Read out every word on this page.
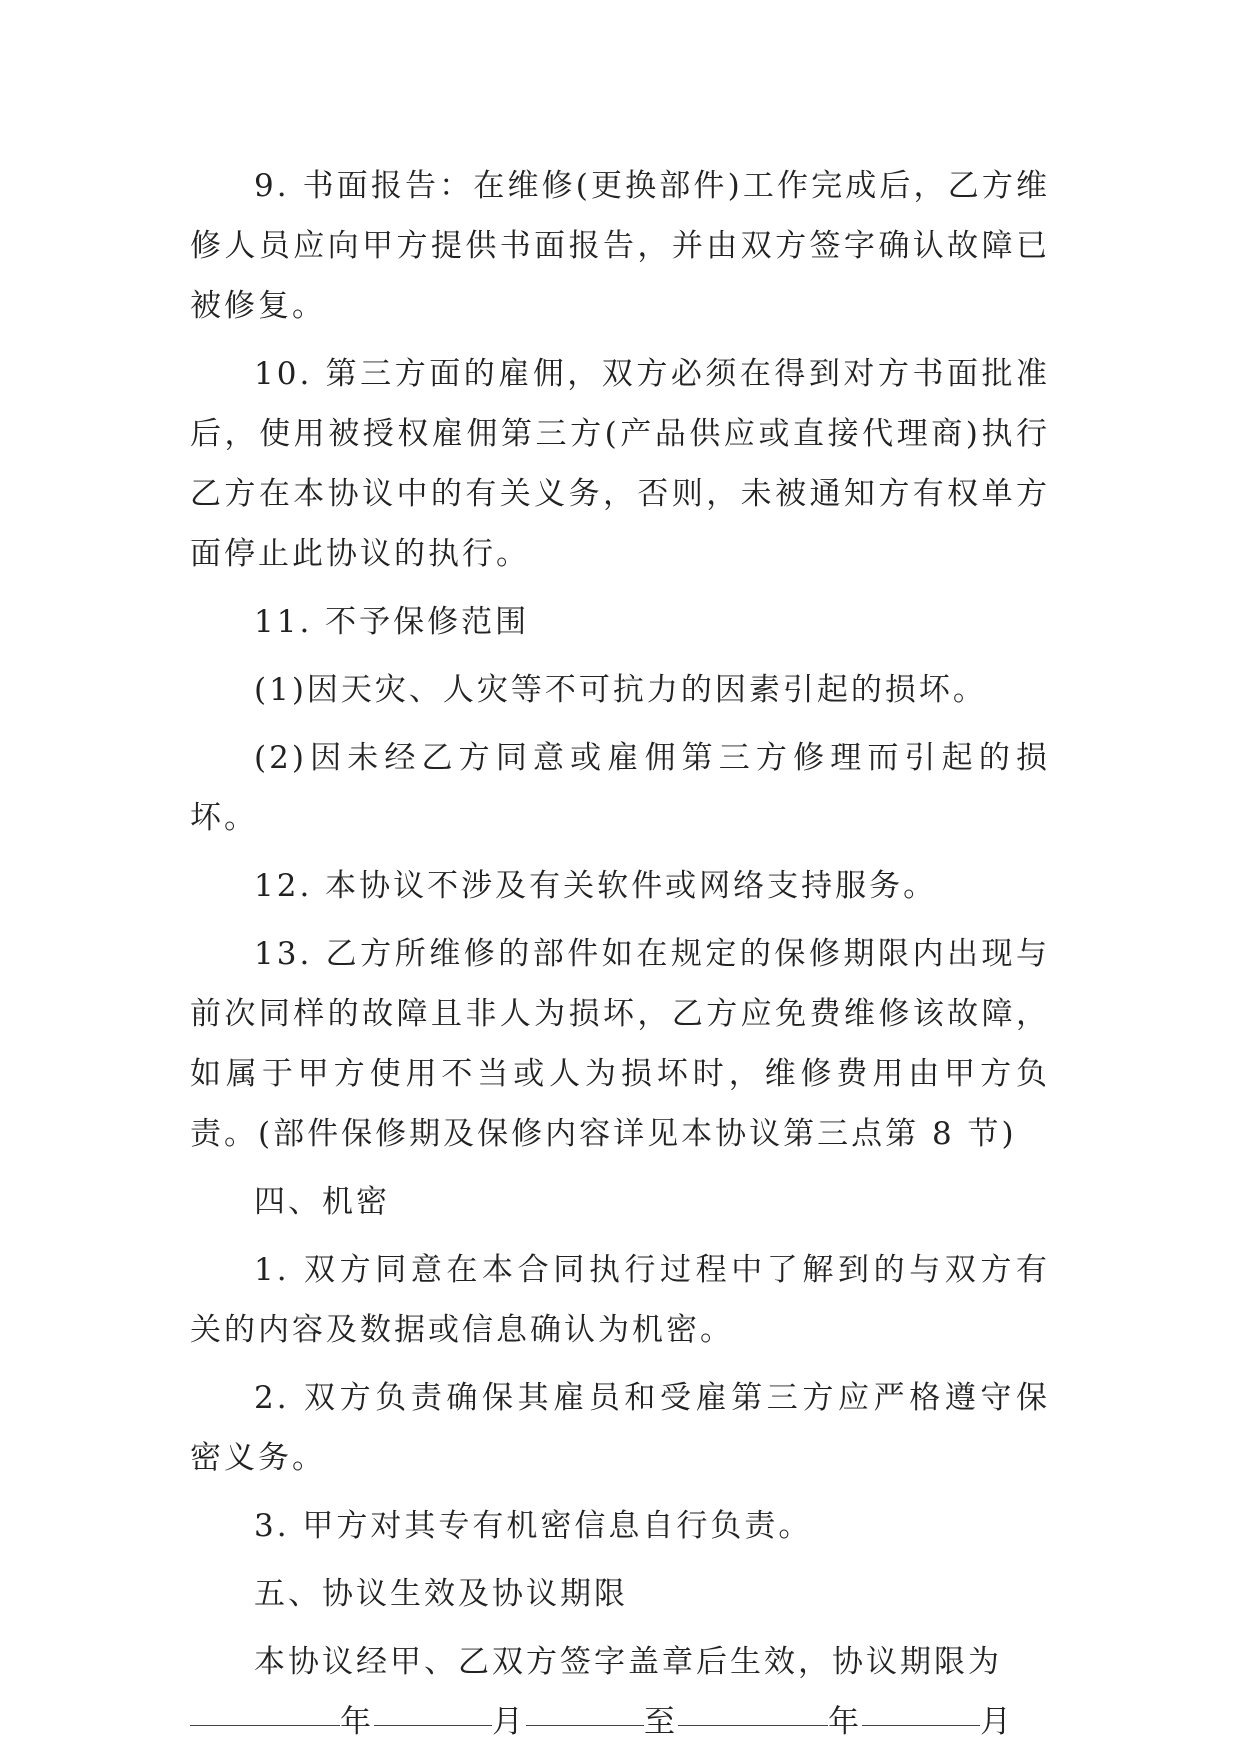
9. 书面报告：在维修(更换部件)工作完成后，乙方维修人员应向甲方提供书面报告，并由双方签字确认故障已被修复。

10. 第三方面的雇佣，双方必须在得到对方书面批准后，使用被授权雇佣第三方(产品供应或直接代理商)执行乙方在本协议中的有关义务，否则，未被通知方有权单方面停止此协议的执行。

11. 不予保修范围

(1)因天灾、人灾等不可抗力的因素引起的损坏。

(2)因未经乙方同意或雇佣第三方修理而引起的损坏。

12. 本协议不涉及有关软件或网络支持服务。

13. 乙方所维修的部件如在规定的保修期限内出现与前次同样的故障且非人为损坏，乙方应免费维修该故障，如属于甲方使用不当或人为损坏时，维修费用由甲方负责。(部件保修期及保修内容详见本协议第三点第 8 节)

四、机密

1. 双方同意在本合同执行过程中了解到的与双方有关的内容及数据或信息确认为机密。

2. 双方负责确保其雇员和受雇第三方应严格遵守保密义务。

3. 甲方对其专有机密信息自行负责。

五、协议生效及协议期限

本协议经甲、乙双方签字盖章后生效，协议期限为

年	月	至	年	月
